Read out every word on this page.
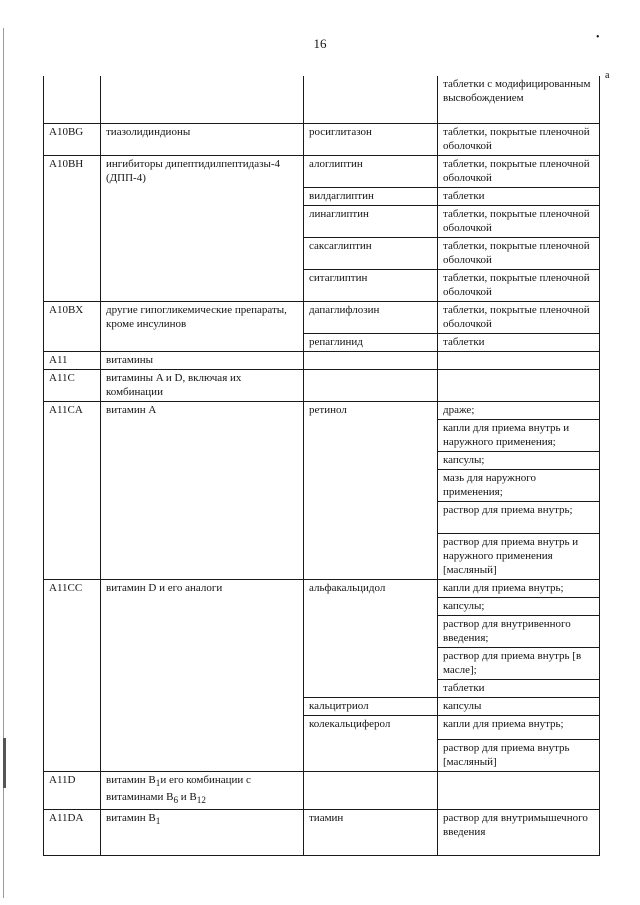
•
a
16
			таблетки с модифицированным высвобождением
A10BG	тиазолидиндионы	росиглитазон	таблетки, покрытые пленочной оболочкой
A10BH	ингибиторы дипептидилпептидазы-4 (ДПП-4)	алоглиптин	таблетки, покрытые пленочной оболочкой
		вилдаглиптин	таблетки
		линаглиптин	таблетки, покрытые пленочной оболочкой
		саксаглиптин	таблетки, покрытые пленочной оболочкой
		ситаглиптин	таблетки, покрытые пленочной оболочкой
A10BX	другие гипогликемические препараты, кроме инсулинов	дапаглифлозин	таблетки, покрытые пленочной оболочкой
		репаглинид	таблетки
A11	витамины		
A11C	витамины A и D, включая их комбинации		
A11CA	витамин А	ретинол	драже;
			капли для приема внутрь и наружного применения;
			капсулы;
			мазь для наружного применения;
			раствор для приема внутрь;
			раствор для приема внутрь и наружного применения [масляный]
A11CC	витамин D и его аналоги	альфакальцидол	капли для приема внутрь;
			капсулы;
			раствор для внутривенного введения;
			раствор для приема внутрь [в масле];
			таблетки
		кальцитриол	капсулы
		колекальциферол	капли для приема внутрь;
			раствор для приема внутрь [масляный]
A11D	витамин $B_1и$ его комбинации с витаминами $B_6$ и $B_{12}$		
A11DA	витамин $B_1$	тиамин	раствор для внутримышечного введения
